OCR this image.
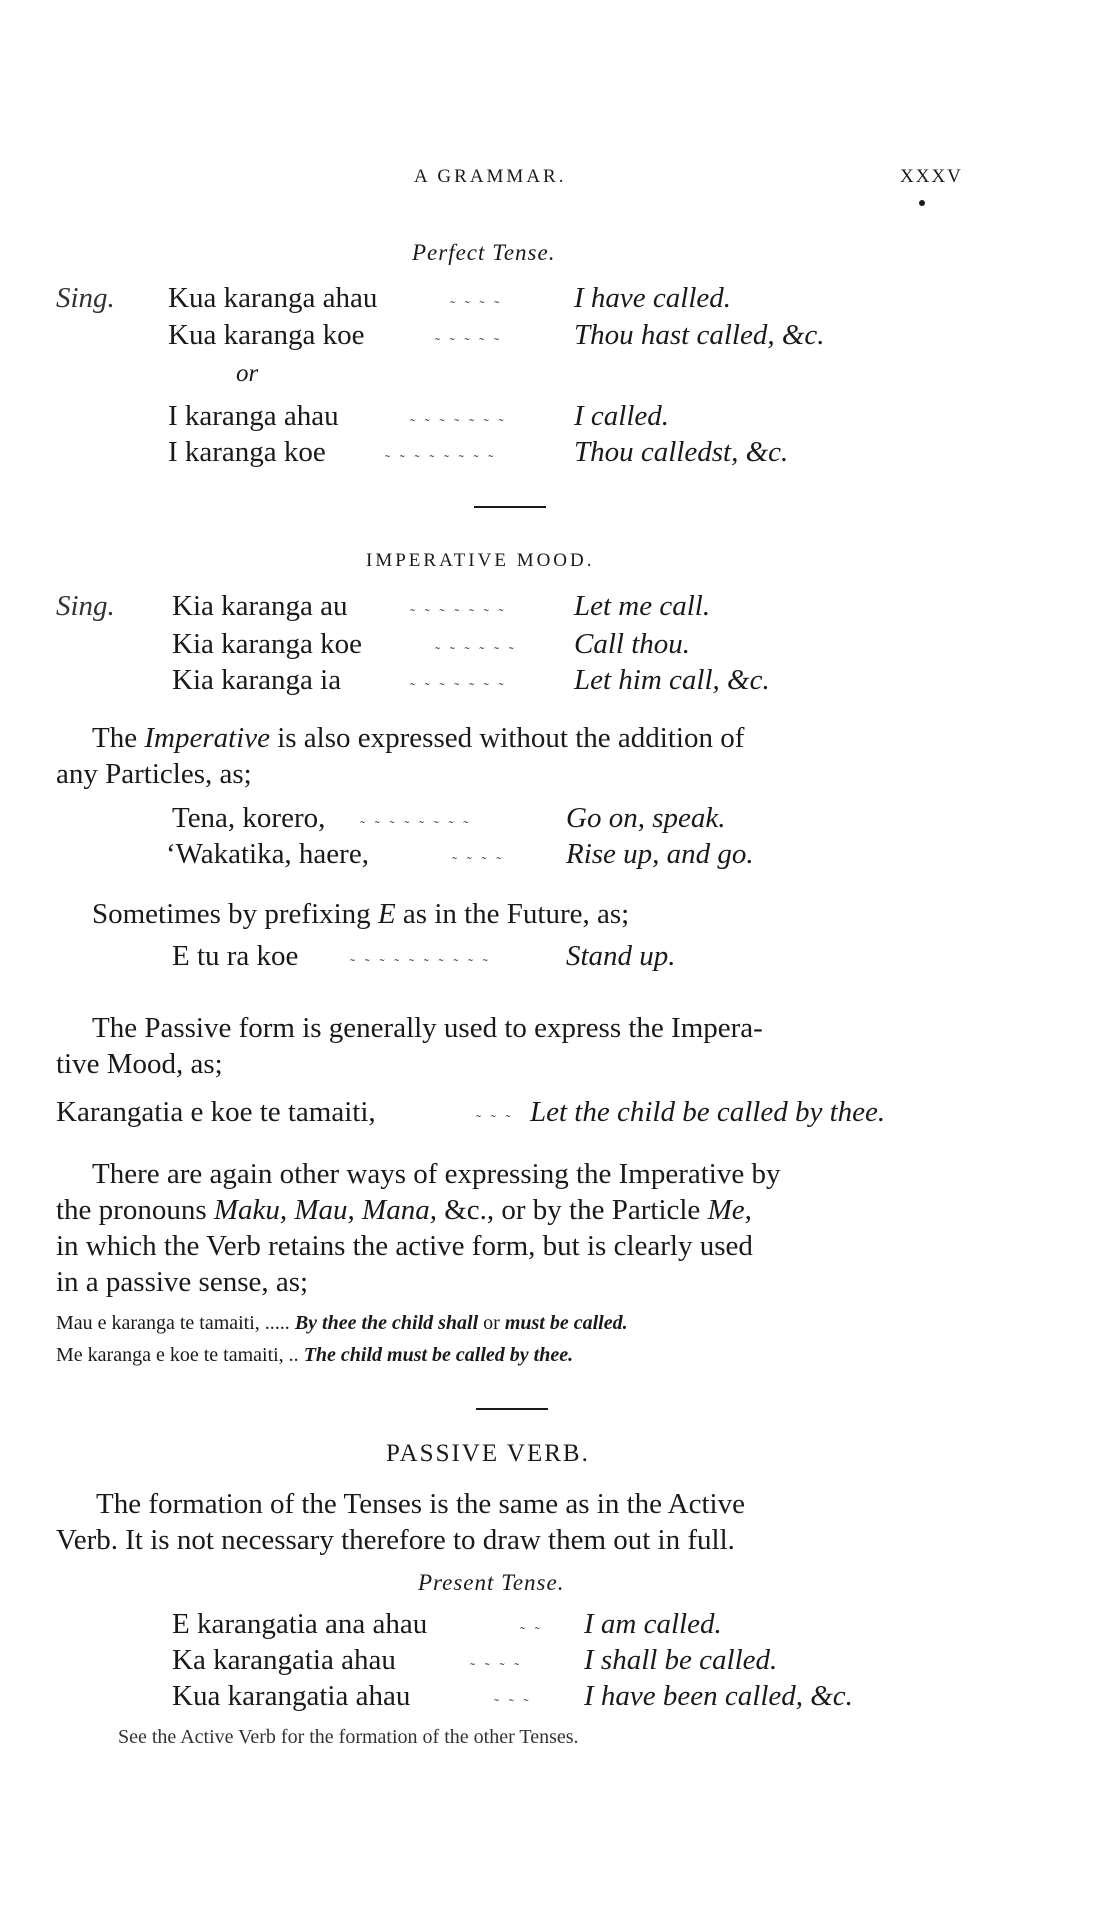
A GRAMMAR.	XXXV
Perfect Tense.
Sing. Kua karanga ahau	˷ ˷ ˷ ˷ I have called.
Kua karanga koe	˷ ˷ ˷ ˷ ˷ Thou hast called, &c.
or
I karanga ahau	˷ ˷ ˷ ˷ ˷ ˷ ˷ I called.
I karanga koe	˷ ˷ ˷ ˷ ˷ ˷ ˷ ˷	Thou calledst, &c.
IMPERATIVE MOOD.
Sing. Kia karanga au	˷ ˷ ˷ ˷ ˷ ˷ ˷ Let me call.
Kia karanga koe	˷ ˷ ˷ ˷ ˷ ˷ Call thou.
Kia karanga ia	˷ ˷ ˷ ˷ ˷ ˷ ˷ Let him call, &c.
The Imperative is also expressed without the addition of
any Particles, as;
Tena, korero, ˷ ˷ ˷ ˷ ˷ ˷ ˷ ˷	Go on, speak.
‘Wakatika, haere,	˷ ˷ ˷ ˷ Rise up, and go.
Sometimes by prefixing E as in the Future, as;
E tu ra koe	˷ ˷ ˷ ˷ ˷ ˷ ˷ ˷ ˷ ˷	Stand up.
The Passive form is generally used to express the Impera-
tive Mood, as;
Karangatia e koe te tamaiti,	˷ ˷ ˷ Let the child be called by thee.
There are again other ways of expressing the Imperative by
the pronouns Maku, Mau, Mana, &c., or by the Particle Me,
in which the Verb retains the active form, but is clearly used
in a passive sense, as;
Mau e karanga te tamaiti, ..... By thee the child shall or must be called.
Me karanga e koe te tamaiti, .. The child must be called by thee.
PASSIVE VERB.
The formation of the Tenses is the same as in the Active
Verb. It is not necessary therefore to draw them out in full.
Present Tense.
E karangatia ana ahau	˷ ˷ I am called.
Ka karangatia ahau	˷ ˷ ˷ ˷ I shall be called.
Kua karangatia ahau	˷ ˷ ˷ I have been called, &c.
See the Active Verb for the formation of the other Tenses.
